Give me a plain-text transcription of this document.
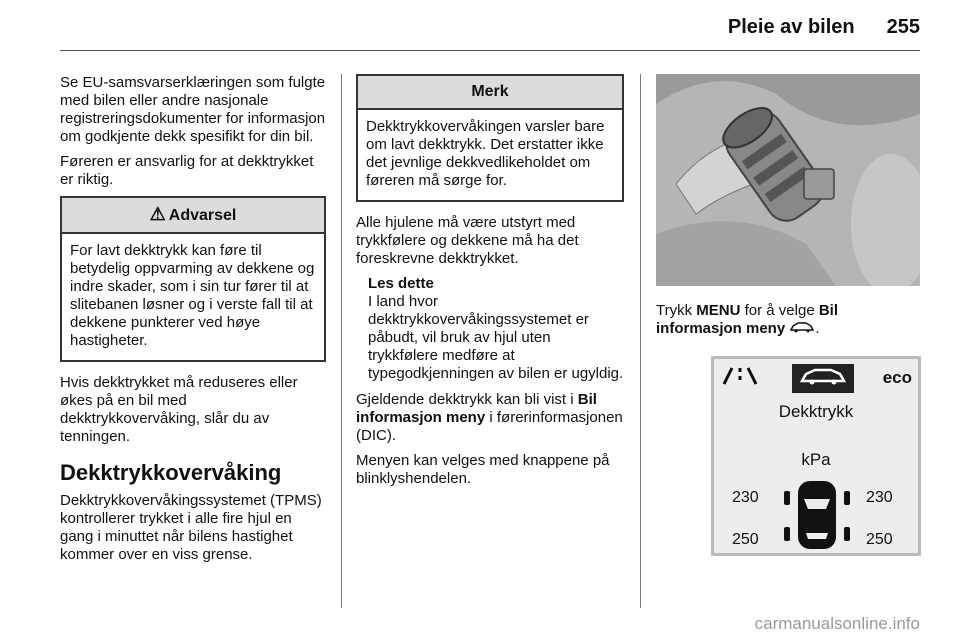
Pleie av bilen 255

Se EU-samsvarserklæringen som fulgte med bilen eller andre nasjonale registreringsdokumenter for informasjon om godkjente dekk spesifikt for din bil.

Føreren er ansvarlig for at dekktrykket er riktig.

⚠ Advarsel
For lavt dekktrykk kan føre til betydelig oppvarming av dekkene og indre skader, som i sin tur fører til at slitebanen løsner og i verste fall til at dekkene punkterer ved høye hastigheter.

Hvis dekktrykket må reduseres eller økes på en bil med dekktrykkovervåking, slår du av tenningen.

Dekktrykkovervåking

Dekktrykkovervåkingssystemet (TPMS) kontrollerer trykket i alle fire hjul en gang i minuttet når bilens hastighet kommer over en viss grense.

Merk
Dekktrykkovervåkingen varsler bare om lavt dekktrykk. Det erstatter ikke det jevnlige dekkvedlikeholdet om føreren må sørge for.

Alle hjulene må være utstyrt med trykkfølere og dekkene må ha det foreskrevne dekktrykket.

Les dette
I land hvor dekktrykkovervåkingssystemet er påbudt, vil bruk av hjul uten trykkfølere medføre at typegodkjenningen av bilen er ugyldig.

Gjeldende dekktrykk kan bli vist i Bil informasjon meny i førerinformasjonen (DIC).

Menyen kan velges med knappene på blinklyshendelen.

Trykk MENU for å velge Bil informasjon meny .

eco
Dekktrykk
kPa
230	230
250	250
carmanualsonline.info
